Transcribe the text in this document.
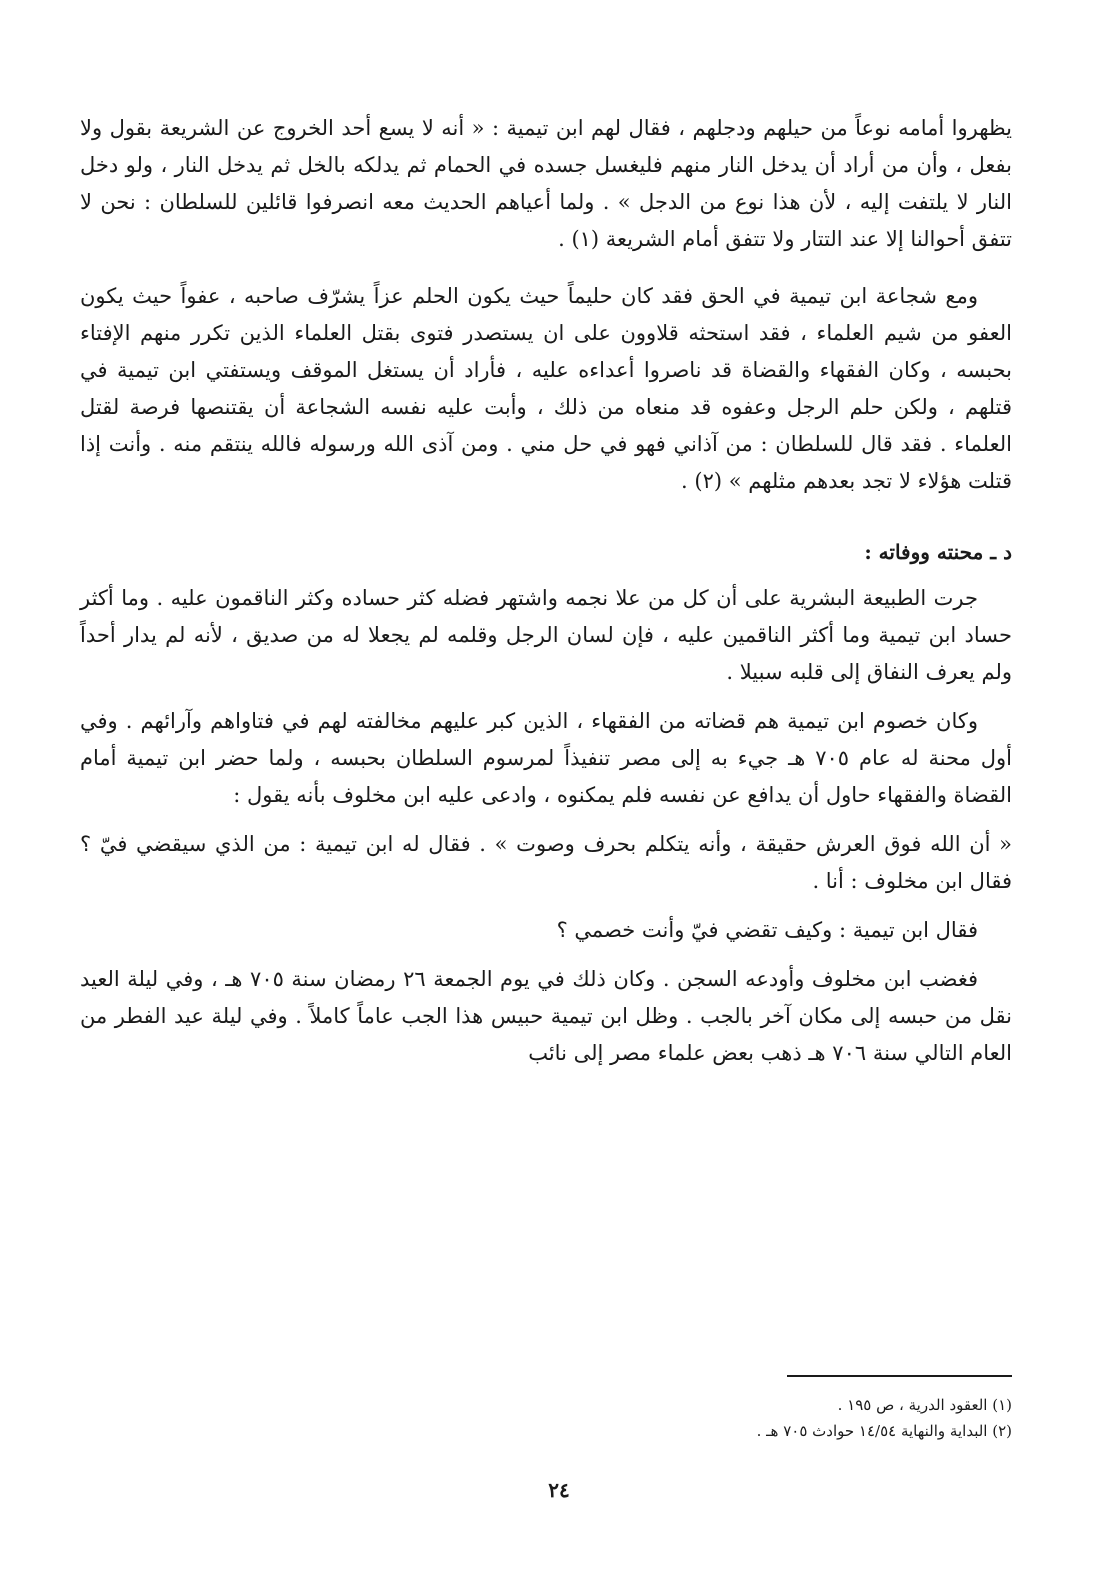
يظهروا أمامه نوعاً من حيلهم ودجلهم ، فقال لهم ابن تيمية : « أنه لا يسع أحد الخروج عن الشريعة بقول ولا بفعل ، وأن من أراد أن يدخل النار منهم فليغسل جسده في الحمام ثم يدلكه بالخل ثم يدخل النار ، ولو دخل النار لا يلتفت إليه ، لأن هذا نوع من الدجل » . ولما أعياهم الحديث معه انصرفوا قائلين للسلطان : نحن لا تتفق أحوالنا إلا عند التتار ولا تتفق أمام الشريعة (١) .

ومع شجاعة ابن تيمية في الحق فقد كان حليماً حيث يكون الحلم عزاً يشرّف صاحبه ، عفواً حيث يكون العفو من شيم العلماء ، فقد استحثه قلاوون على ان يستصدر فتوى بقتل العلماء الذين تكرر منهم الإفتاء بحبسه ، وكان الفقهاء والقضاة قد ناصروا أعداءه عليه ، فأراد أن يستغل الموقف ويستفتي ابن تيمية في قتلهم ، ولكن حلم الرجل وعفوه قد منعاه من ذلك ، وأبت عليه نفسه الشجاعة أن يقتنصها فرصة لقتل العلماء . فقد قال للسلطان : من آذاني فهو في حل مني . ومن آذى الله ورسوله فالله ينتقم منه . وأنت إذا قتلت هؤلاء لا تجد بعدهم مثلهم » (٢) .

د ـ محنته ووفاته :

جرت الطبيعة البشرية على أن كل من علا نجمه واشتهر فضله كثر حساده وكثر الناقمون عليه . وما أكثر حساد ابن تيمية وما أكثر الناقمين عليه ، فإن لسان الرجل وقلمه لم يجعلا له من صديق ، لأنه لم يدار أحداً ولم يعرف النفاق إلى قلبه سبيلا .

وكان خصوم ابن تيمية هم قضاته من الفقهاء ، الذين كبر عليهم مخالفته لهم في فتاواهم وآرائهم . وفي أول محنة له عام ٧٠٥ هـ جيء به إلى مصر تنفيذاً لمرسوم السلطان بحبسه ، ولما حضر ابن تيمية أمام القضاة والفقهاء حاول أن يدافع عن نفسه فلم يمكنوه ، وادعى عليه ابن مخلوف بأنه يقول :

« أن الله فوق العرش حقيقة ، وأنه يتكلم بحرف وصوت » . فقال له ابن تيمية : من الذي سيقضي فيّ ؟ فقال ابن مخلوف : أنا .

فقال ابن تيمية : وكيف تقضي فيّ وأنت خصمي ؟

فغضب ابن مخلوف وأودعه السجن . وكان ذلك في يوم الجمعة ٢٦ رمضان سنة ٧٠٥ هـ ، وفي ليلة العيد نقل من حبسه إلى مكان آخر بالجب . وظل ابن تيمية حبيس هذا الجب عاماً كاملاً . وفي ليلة عيد الفطر من العام التالي سنة ٧٠٦ هـ ذهب بعض علماء مصر إلى نائب

(١) العقود الدرية ، ص ١٩٥ .

(٢) البداية والنهاية ١٤/٥٤ حوادث ٧٠٥ هـ .

٢٤
